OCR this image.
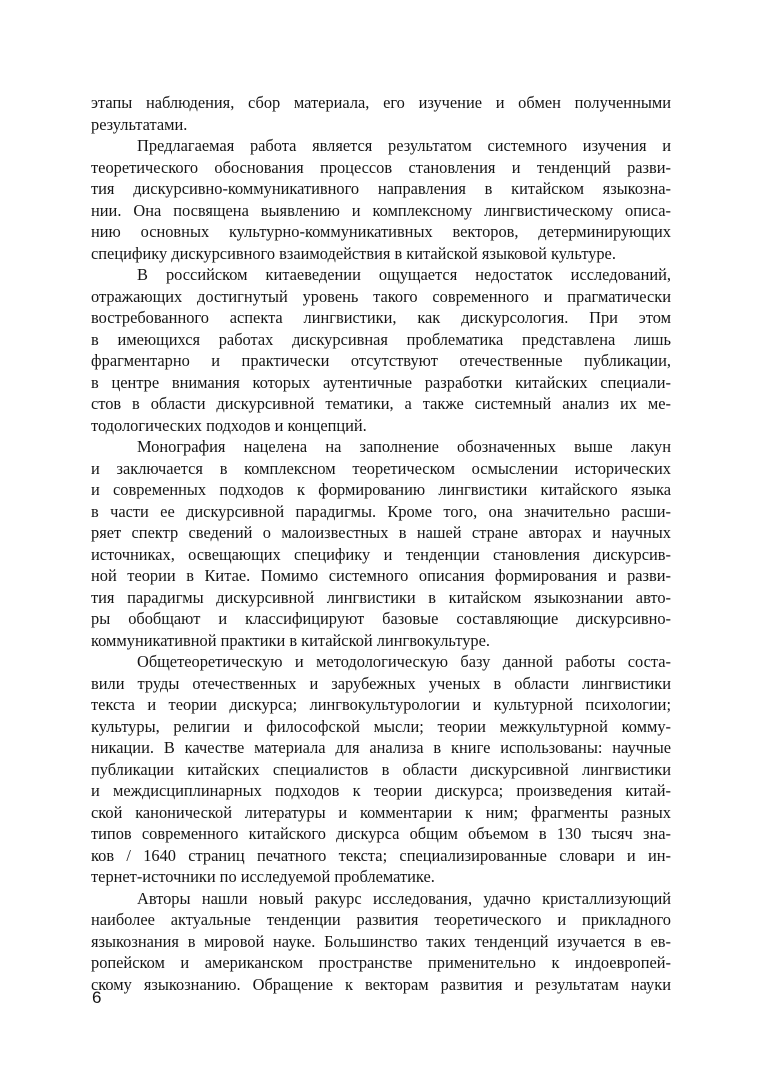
этапы наблюдения, сбор материала, его изучение и обмен полученными
результатами.
Предлагаемая работа является результатом системного изучения и
теоретического обоснования процессов становления и тенденций разви-
тия дискурсивно-коммуникативного направления в китайском языкозна-
нии. Она посвящена выявлению и комплексному лингвистическому описа-
нию основных культурно-коммуникативных векторов, детерминирующих
специфику дискурсивного взаимодействия в китайской языковой культуре.
В российском китаеведении ощущается недостаток исследований,
отражающих достигнутый уровень такого современного и прагматически
востребованного аспекта лингвистики, как дискурсология. При этом
в имеющихся работах дискурсивная проблематика представлена лишь
фрагментарно и практически отсутствуют отечественные публикации,
в центре внимания которых аутентичные разработки китайских специали-
стов в области дискурсивной тематики, а также системный анализ их ме-
тодологических подходов и концепций.
Монография нацелена на заполнение обозначенных выше лакун
и заключается в комплексном теоретическом осмыслении исторических
и современных подходов к формированию лингвистики китайского языка
в части ее дискурсивной парадигмы. Кроме того, она значительно расши-
ряет спектр сведений о малоизвестных в нашей стране авторах и научных
источниках, освещающих специфику и тенденции становления дискурсив-
ной теории в Китае. Помимо системного описания формирования и разви-
тия парадигмы дискурсивной лингвистики в китайском языкознании авто-
ры обобщают и классифицируют базовые составляющие дискурсивно-
коммуникативной практики в китайской лингвокультуре.
Общетеоретическую и методологическую базу данной работы соста-
вили труды отечественных и зарубежных ученых в области лингвистики
текста и теории дискурса; лингвокультурологии и культурной психологии;
культуры, религии и философской мысли; теории межкультурной комму-
никации. В качестве материала для анализа в книге использованы: научные
публикации китайских специалистов в области дискурсивной лингвистики
и междисциплинарных подходов к теории дискурса; произведения китай-
ской канонической литературы и комментарии к ним; фрагменты разных
типов современного китайского дискурса общим объемом в 130 тысяч зна-
ков / 1640 страниц печатного текста; специализированные словари и ин-
тернет-источники по исследуемой проблематике.
Авторы нашли новый ракурс исследования, удачно кристаллизующий
наиболее актуальные тенденции развития теоретического и прикладного
языкознания в мировой науке. Большинство таких тенденций изучается в ев-
ропейском и американском пространстве применительно к индоевропей-
скому языкознанию. Обращение к векторам развития и результатам науки
6
